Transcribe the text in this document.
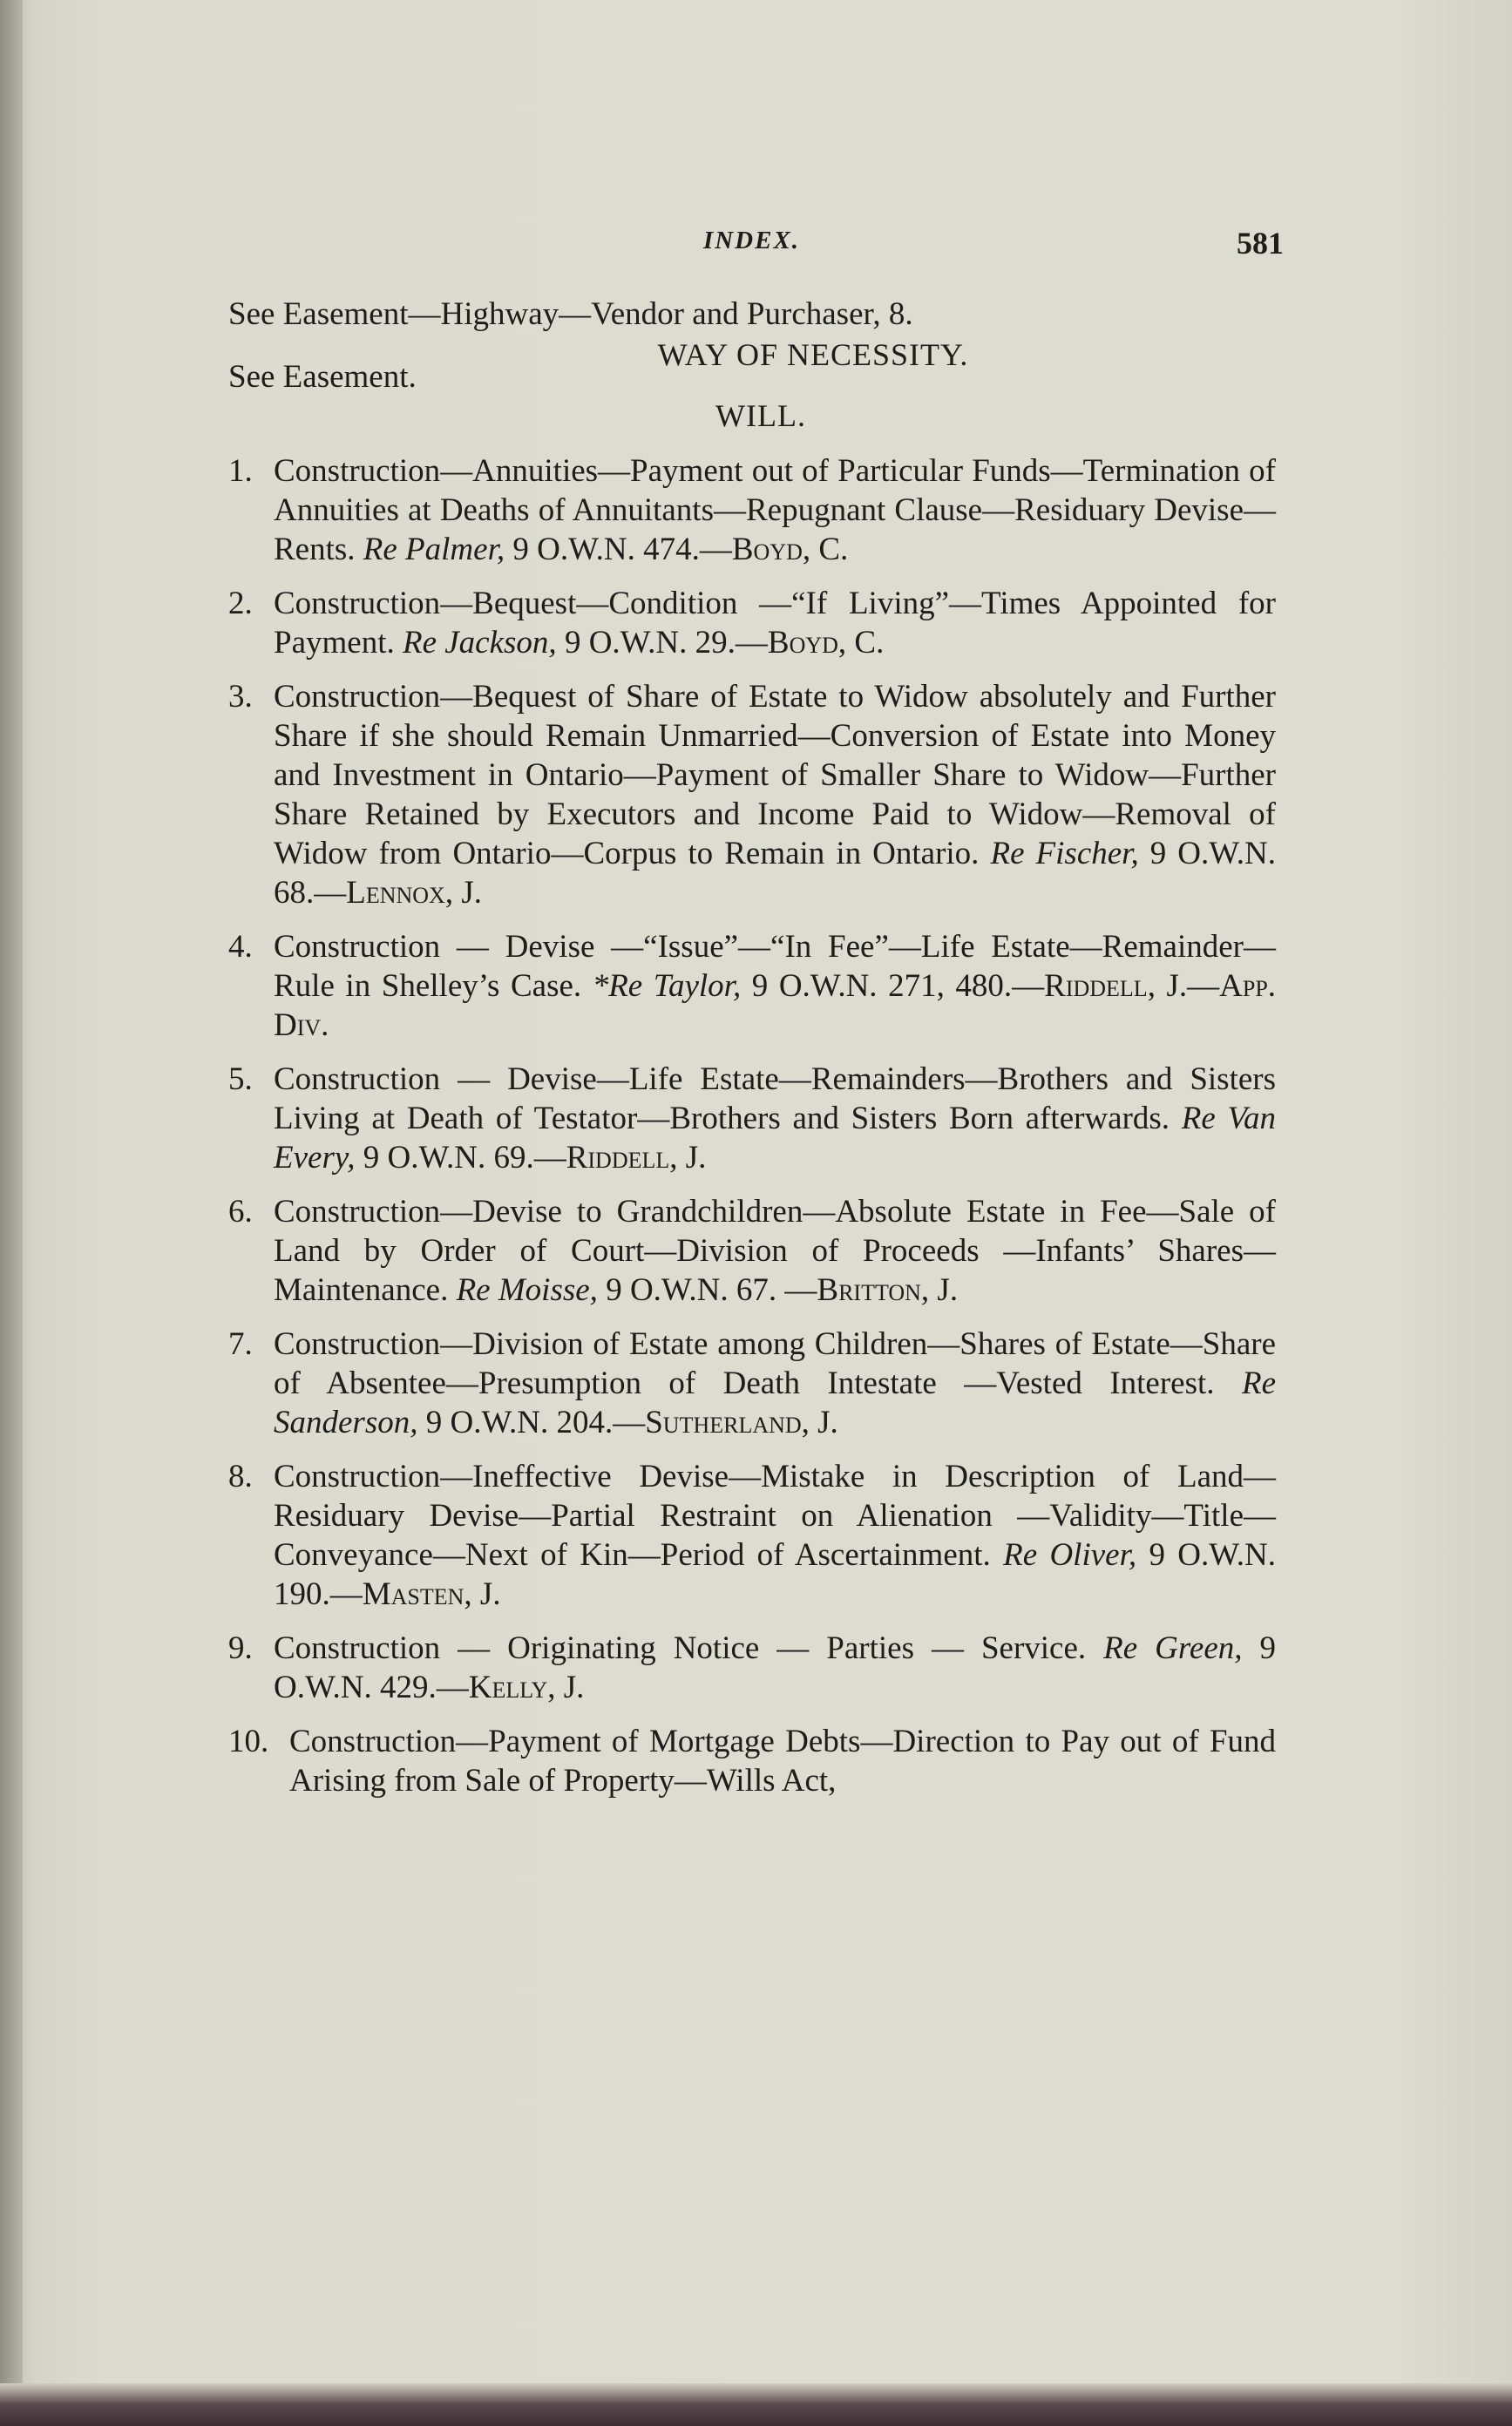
INDEX.	581

See Easement—Highway—Vendor and Purchaser, 8.

WAY OF NECESSITY.

See Easement.

WILL.

1. Construction—Annuities—Payment out of Particular Funds—Termination of Annuities at Deaths of Annuitants—Repugnant Clause—Residuary Devise—Rents. Re Palmer, 9 O.W.N. 474.—Boyd, C.

2. Construction—Bequest—Condition —“If Living”—Times Appointed for Payment. Re Jackson, 9 O.W.N. 29.—Boyd, C.

3. Construction—Bequest of Share of Estate to Widow absolutely and Further Share if she should Remain Unmarried—Conversion of Estate into Money and Investment in Ontario—Payment of Smaller Share to Widow—Further Share Retained by Executors and Income Paid to Widow—Removal of Widow from Ontario—Corpus to Remain in Ontario. Re Fischer, 9 O.W.N. 68.—Lennox, J.

4. Construction — Devise —“Issue”—“In Fee”—Life Estate—Remainder—Rule in Shelley’s Case. *Re Taylor, 9 O.W.N. 271, 480.—Riddell, J.—App. Div.

5. Construction — Devise—Life Estate—Remainders—Brothers and Sisters Living at Death of Testator—Brothers and Sisters Born afterwards. Re Van Every, 9 O.W.N. 69.—Riddell, J.

6. Construction—Devise to Grandchildren—Absolute Estate in Fee—Sale of Land by Order of Court—Division of Proceeds —Infants’ Shares—Maintenance. Re Moisse, 9 O.W.N. 67. —Britton, J.

7. Construction—Division of Estate among Children—Shares of Estate—Share of Absentee—Presumption of Death Intestate —Vested Interest. Re Sanderson, 9 O.W.N. 204.—Sutherland, J.

8. Construction—Ineffective Devise—Mistake in Description of Land—Residuary Devise—Partial Restraint on Alienation —Validity—Title—Conveyance—Next of Kin—Period of Ascertainment. Re Oliver, 9 O.W.N. 190.—Masten, J.

9. Construction — Originating Notice — Parties — Service. Re Green, 9 O.W.N. 429.—Kelly, J.

10. Construction—Payment of Mortgage Debts—Direction to Pay out of Fund Arising from Sale of Property—Wills Act,
